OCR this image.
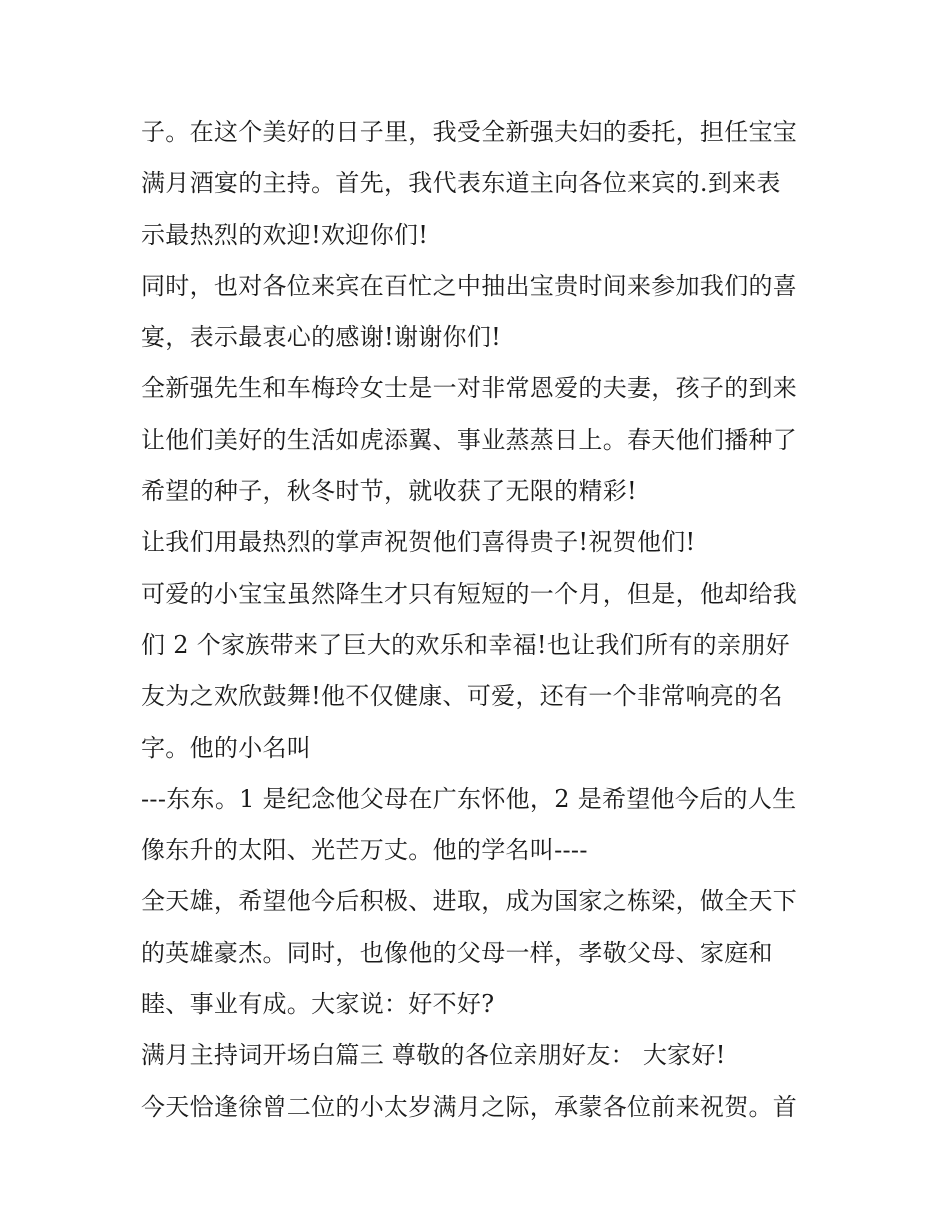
子。在这个美好的日子里，我受全新强夫妇的委托，担任宝宝
满月酒宴的主持。首先，我代表东道主向各位来宾的.到来表
示最热烈的欢迎!欢迎你们!
同时，也对各位来宾在百忙之中抽出宝贵时间来参加我们的喜
宴，表示最衷心的感谢!谢谢你们!
全新强先生和车梅玲女士是一对非常恩爱的夫妻，孩子的到来
让他们美好的生活如虎添翼、事业蒸蒸日上。春天他们播种了
希望的种子，秋冬时节，就收获了无限的精彩!
让我们用最热烈的掌声祝贺他们喜得贵子!祝贺他们!
可爱的小宝宝虽然降生才只有短短的一个月，但是，他却给我
们 2 个家族带来了巨大的欢乐和幸福!也让我们所有的亲朋好
友为之欢欣鼓舞!他不仅健康、可爱，还有一个非常响亮的名
字。他的小名叫
---东东。1 是纪念他父母在广东怀他，2 是希望他今后的人生
像东升的太阳、光芒万丈。他的学名叫----
全天雄，希望他今后积极、进取，成为国家之栋梁，做全天下
的英雄豪杰。同时，也像他的父母一样，孝敬父母、家庭和
睦、事业有成。大家说：好不好?
满月主持词开场白篇三 尊敬的各位亲朋好友： 大家好!
今天恰逢徐曾二位的小太岁满月之际，承蒙各位前来祝贺。首
